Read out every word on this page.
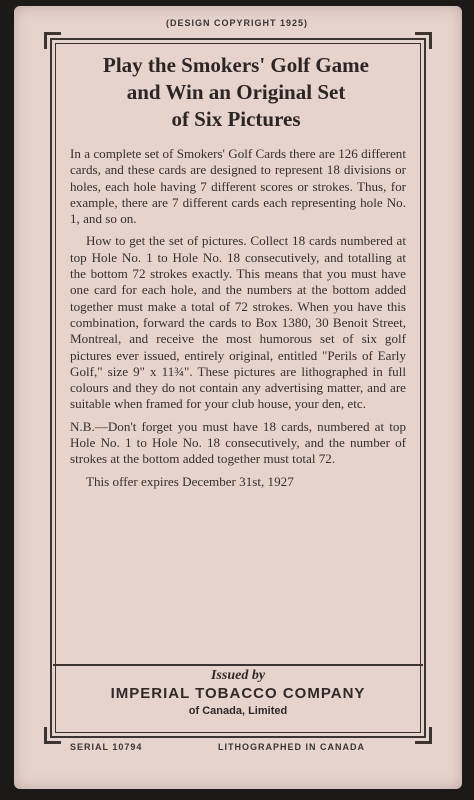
(DESIGN COPYRIGHT 1925)
Play the Smokers' Golf Game
and Win an Original Set
of Six Pictures

In a complete set of Smokers' Golf Cards there are 126 different cards, and these cards are designed to represent 18 divisions or holes, each hole having 7 different scores or strokes. Thus, for example, there are 7 different cards each representing hole No. 1, and so on.

How to get the set of pictures. Collect 18 cards numbered at top Hole No. 1 to Hole No. 18 consecutively, and totalling at the bottom 72 strokes exactly. This means that you must have one card for each hole, and the numbers at the bottom added together must make a total of 72 strokes. When you have this combination, forward the cards to Box 1380, 30 Benoit Street, Montreal, and receive the most humorous set of six golf pictures ever issued, entirely original, entitled "Perils of Early Golf," size 9" x 11¾". These pictures are lithographed in full colours and they do not contain any advertising matter, and are suitable when framed for your club house, your den, etc.

N.B.—Don't forget you must have 18 cards, numbered at top Hole No. 1 to Hole No. 18 consecutively, and the number of strokes at the bottom added together must total 72.

This offer expires December 31st, 1927

Issued by
IMPERIAL TOBACCO COMPANY
of Canada, Limited
SERIAL 10794	LITHOGRAPHED IN CANADA
